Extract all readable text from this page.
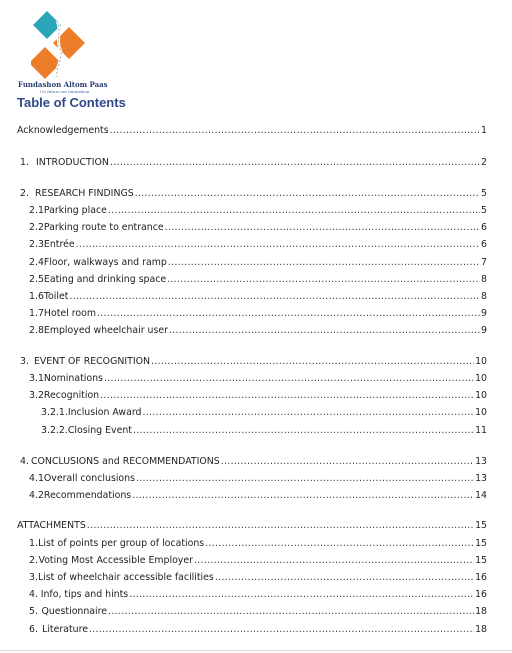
Fundashon Altom Paas
Un futuro sin limitashon
Table of Contents
Acknowledgements .....	1
1. INTRODUCTION .....	2
2. RESEARCH FINDINGS .....	5
2.1 Parking place .....	5
2.2 Parking route to entrance .....	6
2.3 Entrée .....	6
2.4 Floor, walkways and ramp .....	7
2.5 Eating and drinking space .....	8
1.6 Toilet .....	8
1.7 Hotel room .....	9
2.8 Employed wheelchair user .....	9
3. EVENT OF RECOGNITION .....	10
3.1 Nominations .....	10
3.2 Recognition .....	10
3.2.1. Inclusion Award .....	10
3.2.2. Closing Event .....	11
4. CONCLUSIONS and RECOMMENDATIONS .....	13
4.1 Overall conclusions .....	13
4.2 Recommendations .....	14
ATTACHMENTS .....	15
1. List of points per group of locations .....	15
2. Voting Most Accessible Employer .....	15
3. List of wheelchair accessible facilities .....	16
4. Info, tips and hints .....	16
5. Questionnaire .....	18
6. Literature .....	18
